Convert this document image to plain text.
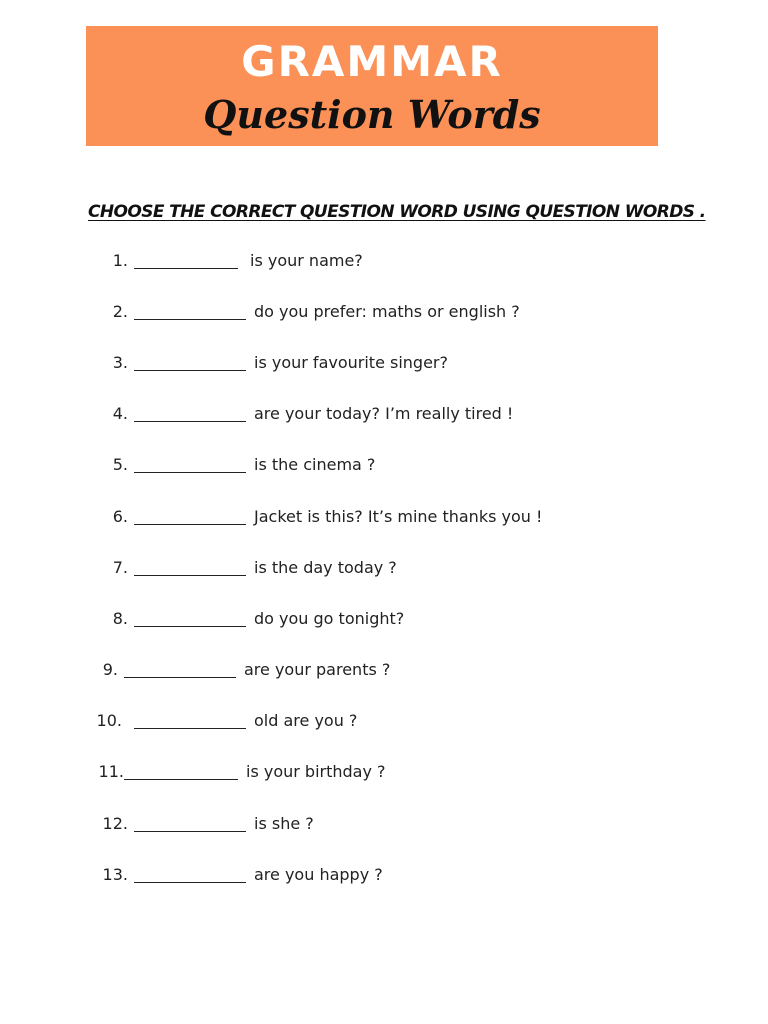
GRAMMAR
Question Words
CHOOSE THE CORRECT QUESTION WORD USING QUESTION WORDS .
1.	is your name?
2.	do you prefer: maths or english ?
3.	is your favourite singer?
4.	are your today? I’m really tired !
5.	is the cinema ?
6.	Jacket is this? It’s mine thanks you !
7.	is the day today ?
8.	do you go tonight?
9.	are your parents ?
10.	old are you ?
11.	is your birthday ?
12.	is she ?
13.	are you happy ?
